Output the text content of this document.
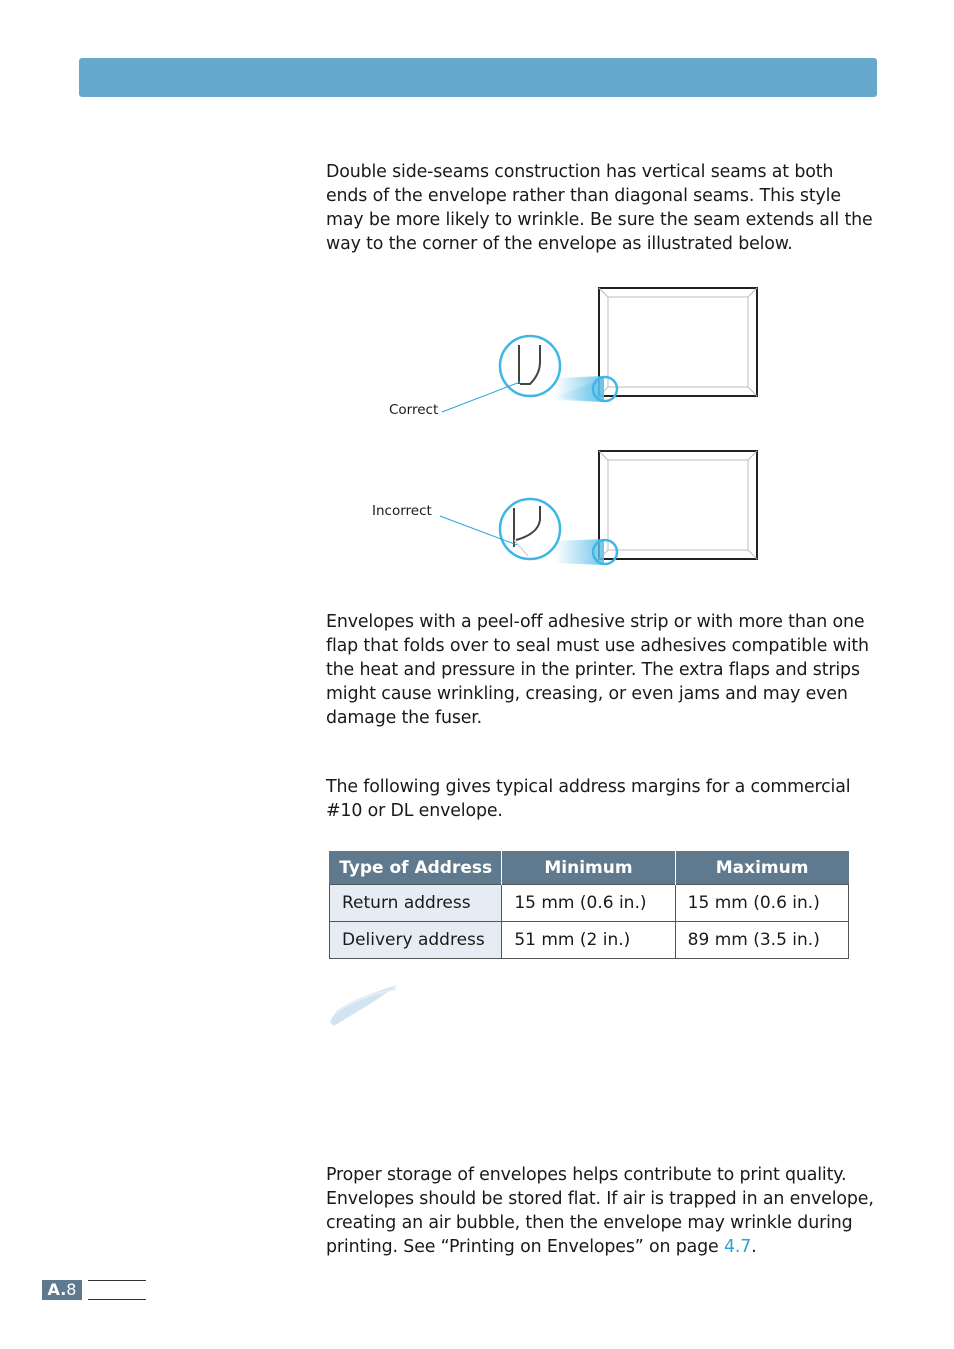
Double side-seams construction has vertical seams at both ends of the envelope rather than diagonal seams. This style may be more likely to wrinkle. Be sure the seam extends all the way to the corner of the envelope as illustrated below.

Correct
Incorrect

Envelopes with a peel-off adhesive strip or with more than one flap that folds over to seal must use adhesives compatible with the heat and pressure in the printer. The extra flaps and strips might cause wrinkling, creasing, or even jams and may even damage the fuser.

The following gives typical address margins for a commercial #10 or DL envelope.

Type of Address	Minimum	Maximum
Return address	15 mm (0.6 in.)	15 mm (0.6 in.)
Delivery address	51 mm (2 in.)	89 mm (3.5 in.)

Proper storage of envelopes helps contribute to print quality. Envelopes should be stored flat. If air is trapped in an envelope, creating an air bubble, then the envelope may wrinkle during printing. See “Printing on Envelopes” on page 4.7.

A.8
